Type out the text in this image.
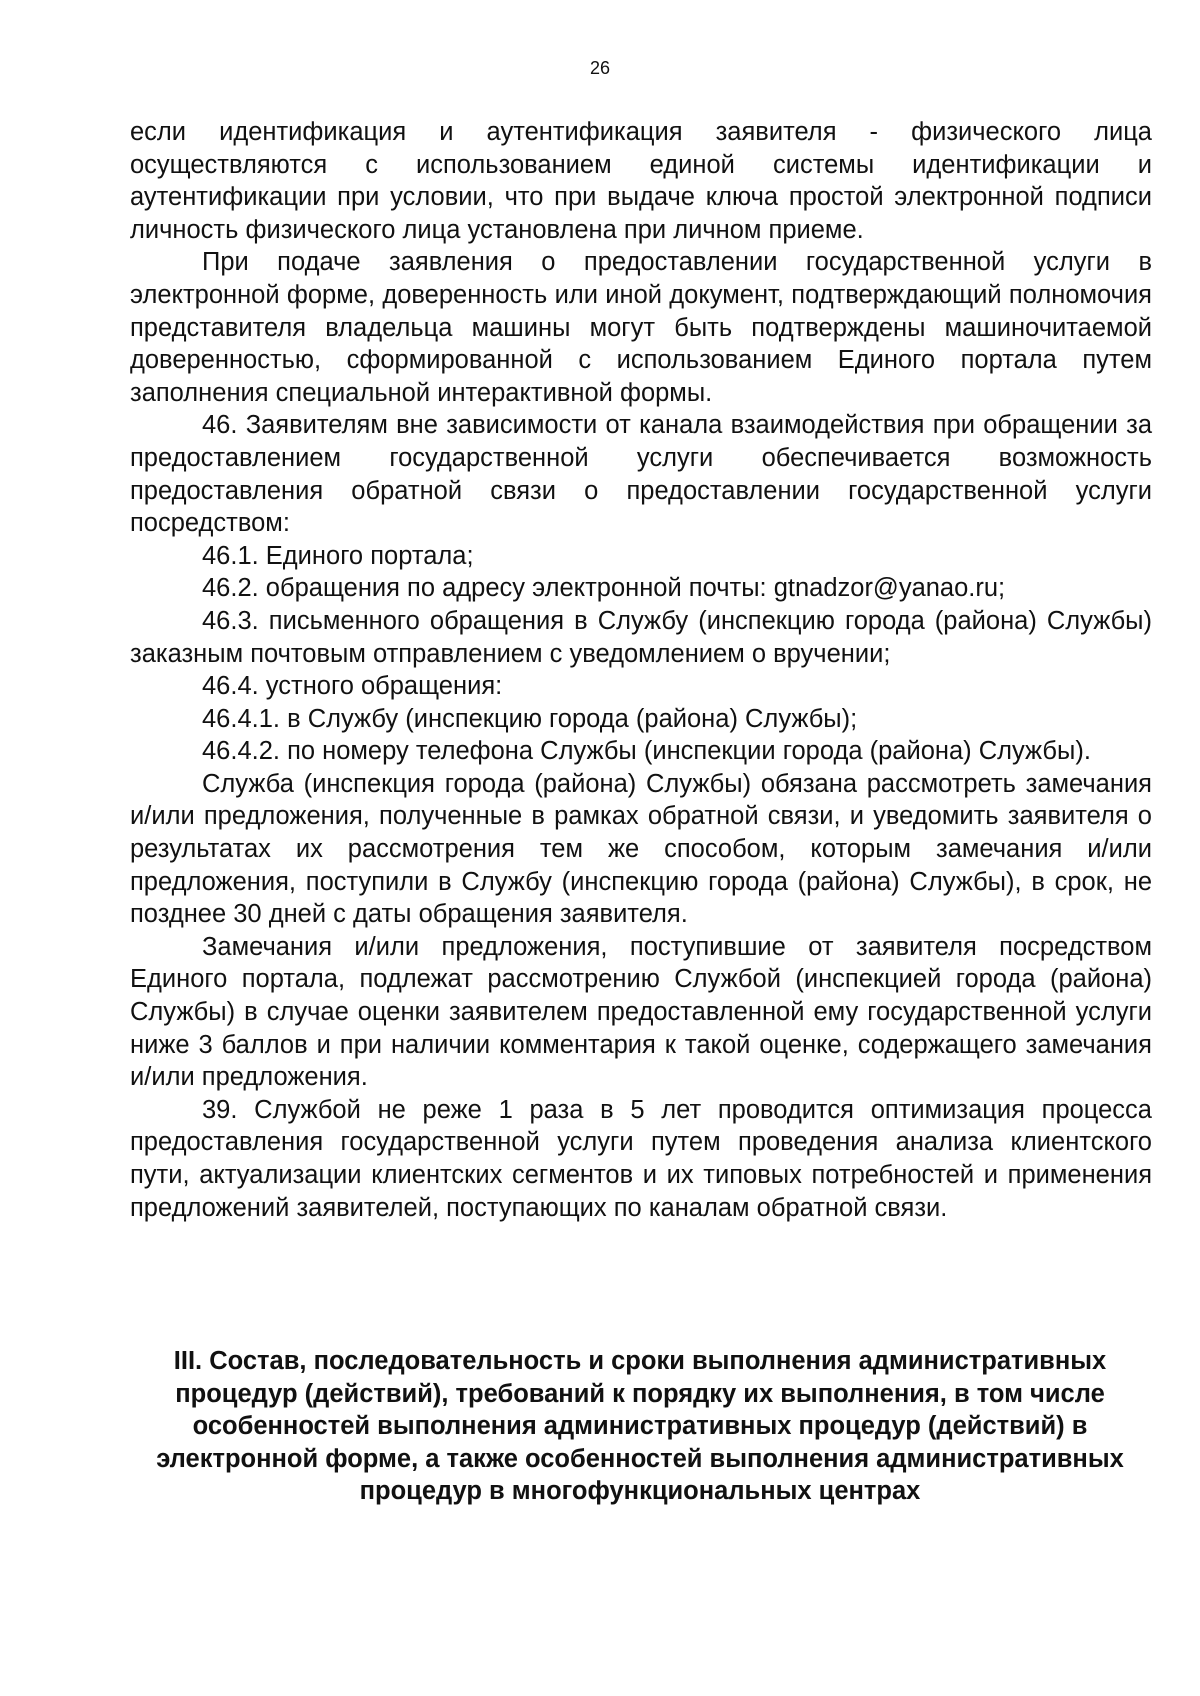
26

если идентификация и аутентификация заявителя - физического лица осуществляются с использованием единой системы идентификации и аутентификации при условии, что при выдаче ключа простой электронной подписи личность физического лица установлена при личном приеме.

При подаче заявления о предоставлении государственной услуги в электронной форме, доверенность или иной документ, подтверждающий полномочия представителя владельца машины могут быть подтверждены машиночитаемой доверенностью, сформированной с использованием Единого портала путем заполнения специальной интерактивной формы.

46. Заявителям вне зависимости от канала взаимодействия при обращении за предоставлением государственной услуги обеспечивается возможность предоставления обратной связи о предоставлении государственной услуги посредством:

46.1. Единого портала;

46.2. обращения по адресу электронной почты: gtnadzor@yanao.ru;

46.3. письменного обращения в Службу (инспекцию города (района) Службы) заказным почтовым отправлением с уведомлением о вручении;

46.4. устного обращения:

46.4.1. в Службу (инспекцию города (района) Службы);

46.4.2. по номеру телефона Службы (инспекции города (района) Службы).

Служба (инспекция города (района) Службы) обязана рассмотреть замечания и/или предложения, полученные в рамках обратной связи, и уведомить заявителя о результатах их рассмотрения тем же способом, которым замечания и/или предложения, поступили в Службу (инспекцию города (района) Службы), в срок, не позднее 30 дней с даты обращения заявителя.

Замечания и/или предложения, поступившие от заявителя посредством Единого портала, подлежат рассмотрению Службой (инспекцией города (района) Службы) в случае оценки заявителем предоставленной ему государственной услуги ниже 3 баллов и при наличии комментария к такой оценке, содержащего замечания и/или предложения.

39. Службой не реже 1 раза в 5 лет проводится оптимизация процесса предоставления государственной услуги путем проведения анализа клиентского пути, актуализации клиентских сегментов и их типовых потребностей и применения предложений заявителей, поступающих по каналам обратной связи.

III. Состав, последовательность и сроки выполнения административных процедур (действий), требований к порядку их выполнения, в том числе особенностей выполнения административных процедур (действий) в электронной форме, а также особенностей выполнения административных процедур в многофункциональных центрах
